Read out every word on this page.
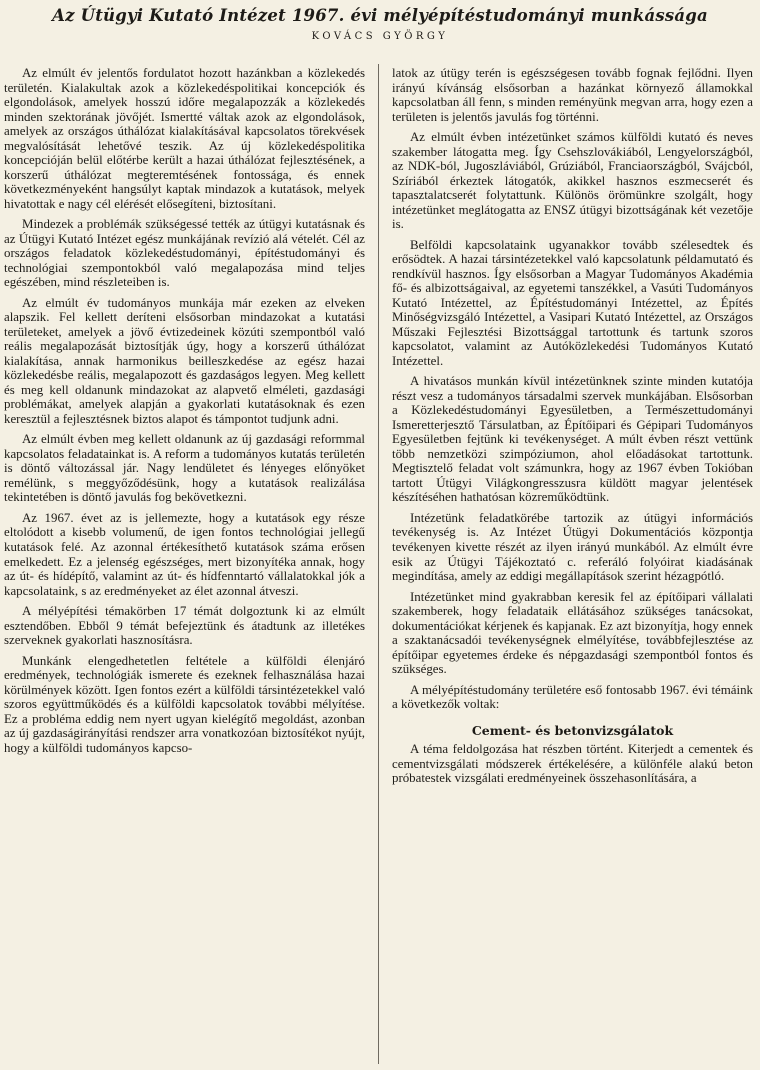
Az Útügyi Kutató Intézet 1967. évi mélyépítéstudományi munkássága
KOVÁCS GYÖRGY

Az elmúlt év jelentős fordulatot hozott hazánkban a közlekedés területén. Kialakultak azok a közlekedéspolitikai koncepciók és elgondolások, amelyek hosszú időre megalapozzák a közlekedés minden szektorának jövőjét. Ismertté váltak azok az elgondolások, amelyek az országos úthálózat kialakításával kapcsolatos törekvések megvalósítását lehetővé teszik. Az új közlekedéspolitika koncepcióján belül előtérbe került a hazai úthálózat fejlesztésének, a korszerű úthálózat megteremtésének fontossága, és ennek következményeként hangsúlyt kaptak mindazok a kutatások, melyek hivatottak e nagy cél elérését elősegíteni, biztosítani.

Mindezek a problémák szükségessé tették az útügyi kutatásnak és az Útügyi Kutató Intézet egész munkájának revízió alá vételét. Cél az országos feladatok közlekedéstudományi, építéstudományi és technológiai szempontokból való megalapozása mind teljes egészében, mind részleteiben is.

Az elmúlt év tudományos munkája már ezeken az elveken alapszik. Fel kellett deríteni elsősorban mindazokat a kutatási területeket, amelyek a jövő évtizedeinek közúti szempontból való reális megalapozását biztosítják úgy, hogy a korszerű úthálózat kialakítása, annak harmonikus beilleszkedése az egész hazai közlekedésbe reális, megalapozott és gazdaságos legyen. Meg kellett és meg kell oldanunk mindazokat az alapvető elméleti, gazdasági problémákat, amelyek alapján a gyakorlati kutatásoknak és ezen keresztül a fejlesztésnek biztos alapot és támpontot tudjunk adni.

Az elmúlt évben meg kellett oldanunk az új gazdasági reformmal kapcsolatos feladatainkat is. A reform a tudományos kutatás területén is döntő változással jár. Nagy lendületet és lényeges előnyöket remélünk, s meggyőződésünk, hogy a kutatások realizálása tekintetében is döntő javulás fog bekövetkezni.

Az 1967. évet az is jellemezte, hogy a kutatások egy része eltolódott a kisebb volumenű, de igen fontos technológiai jellegű kutatások felé. Az azonnal értékesíthető kutatások száma erősen emelkedett. Ez a jelenség egészséges, mert bizonyítéka annak, hogy az út- és hídépítő, valamint az út- és hídfenntartó vállalatokkal jók a kapcsolataink, s az eredményeket az élet azonnal átveszi.

A mélyépítési témakörben 17 témát dolgoztunk ki az elmúlt esztendőben. Ebből 9 témát befejeztünk és átadtunk az illetékes szerveknek gyakorlati hasznosításra.

Munkánk elengedhetetlen feltétele a külföldi élenjáró eredmények, technológiák ismerete és ezeknek felhasználása hazai körülmények között. Igen fontos ezért a külföldi társintézetekkel való szoros együttműködés és a külföldi kapcsolatok további mélyítése. Ez a probléma eddig nem nyert ugyan kielégítő megoldást, azonban az új gazdaságirányítási rendszer arra vonatkozóan biztosítékot nyújt, hogy a külföldi tudományos kapcso-

latok az útügy terén is egészségesen tovább fognak fejlődni. Ilyen irányú kívánság elsősorban a hazánkat környező államokkal kapcsolatban áll fenn, s minden reményünk megvan arra, hogy ezen a területen is jelentős javulás fog történni.

Az elmúlt évben intézetünket számos külföldi kutató és neves szakember látogatta meg. Így Csehszlovákiából, Lengyelországból, az NDK-ból, Jugoszláviából, Grúziából, Franciaországból, Svájcból, Szíriából érkeztek látogatók, akikkel hasznos eszmecserét és tapasztalatcserét folytattunk. Különös örömünkre szolgált, hogy intézetünket meglátogatta az ENSZ útügyi bizottságának két vezetője is.

Belföldi kapcsolataink ugyanakkor tovább szélesedtek és erősödtek. A hazai társintézetekkel való kapcsolatunk példamutató és rendkívül hasznos. Így elsősorban a Magyar Tudományos Akadémia fő- és albizottságaival, az egyetemi tanszékkel, a Vasúti Tudományos Kutató Intézettel, az Építéstudományi Intézettel, az Építés Minőségvizsgáló Intézettel, a Vasipari Kutató Intézettel, az Országos Műszaki Fejlesztési Bizottsággal tartottunk és tartunk szoros kapcsolatot, valamint az Autóközlekedési Tudományos Kutató Intézettel.

A hivatásos munkán kívül intézetünknek szinte minden kutatója részt vesz a tudományos társadalmi szervek munkájában. Elsősorban a Közlekedéstudományi Egyesületben, a Természettudományi Ismeretterjesztő Társulatban, az Építőipari és Gépipari Tudományos Egyesületben fejtünk ki tevékenységet. A múlt évben részt vettünk több nemzetközi szimpóziumon, ahol előadásokat tartottunk. Megtisztelő feladat volt számunkra, hogy az 1967 évben Tokióban tartott Útügyi Világkongresszusra küldött magyar jelentések készítéséhen hathatósan közreműködtünk.

Intézetünk feladatkörébe tartozik az útügyi információs tevékenység is. Az Intézet Útügyi Dokumentációs központja tevékenyen kivette részét az ilyen irányú munkából. Az elmúlt évre esik az Útügyi Tájékoztató c. referáló folyóirat kiadásának megindítása, amely az eddigi megállapítások szerint hézagpótló.

Intézetünket mind gyakrabban keresik fel az építőipari vállalati szakemberek, hogy feladataik ellátásához szükséges tanácsokat, dokumentációkat kérjenek és kapjanak. Ez azt bizonyítja, hogy ennek a szaktanácsadói tevékenységnek elmélyítése, továbbfejlesztése az építőipar egyetemes érdeke és népgazdasági szempontból fontos és szükséges.

A mélyépítéstudomány területére eső fontosabb 1967. évi témáink a következők voltak:

Cement- és betonvizsgálatok

A téma feldolgozása hat részben történt. Kiterjedt a cementek és cementvizsgálati módszerek értékelésére, a különféle alakú beton próbatestek vizsgálati eredményeinek összehasonlítására, a
